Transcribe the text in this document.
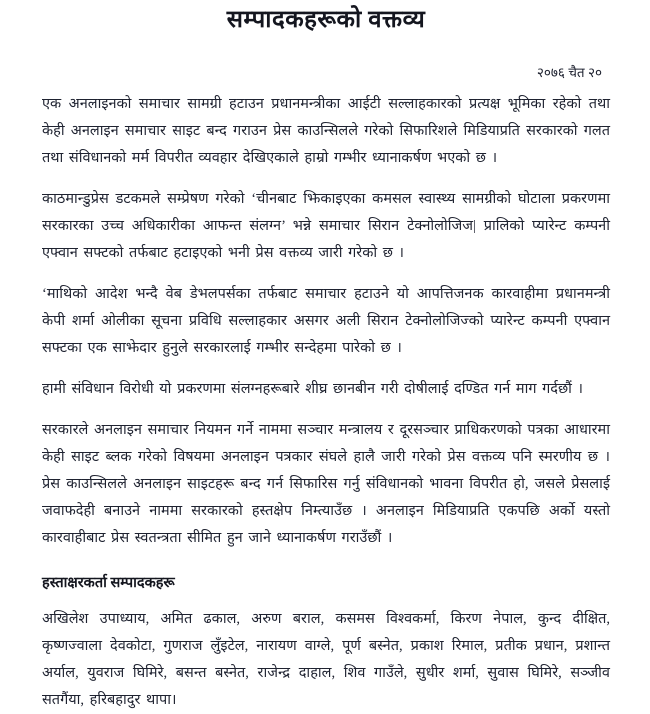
सम्पादकहरूको वक्तव्य
२०७६ चैत २०

एक अनलाइनको समाचार सामग्री हटाउन प्रधानमन्त्रीका आईटी सल्लाहकारको प्रत्यक्ष भूमिका रहेको तथा केही अनलाइन समाचार साइट बन्द गराउन प्रेस काउन्सिलले गरेको सिफारिशले मिडियाप्रति सरकारको गलत तथा संविधानको मर्म विपरीत व्यवहार देखिएकाले हाम्रो गम्भीर ध्यानाकर्षण भएको छ ।

काठमान्डुप्रेस डटकमले सम्प्रेषण गरेको ‘चीनबाट झिकाइएका कमसल स्वास्थ्य सामग्रीको घोटाला प्रकरणमा सरकारका उच्च अधिकारीका आफन्त संलग्न’ भन्ने समाचार सिरान टेक्नोलोजिज| प्रालिको प्यारेन्ट कम्पनी एफ्वान सफ्टको तर्फबाट हटाइएको भनी प्रेस वक्तव्य जारी गरेको छ ।

‘माथिको आदेश भन्दै वेब डेभलपर्सका तर्फबाट समाचार हटाउने यो आपत्तिजनक कारवाहीमा प्रधानमन्त्री केपी शर्मा ओलीका सूचना प्रविधि सल्लाहकार असगर अली सिरान टेक्नोलोजिज्को प्यारेन्ट कम्पनी एफ्वान सफ्टका एक साझेदार हुनुले सरकारलाई गम्भीर सन्देहमा पारेको छ ।

हामी संविधान विरोधी यो प्रकरणमा संलग्नहरूबारे शीघ्र छानबीन गरी दोषीलाई दण्डित गर्न माग गर्दछौं ।

सरकारले अनलाइन समाचार नियमन गर्ने नाममा सञ्चार मन्त्रालय र दूरसञ्चार प्राधिकरणको पत्रका आधारमा केही साइट ब्लक गरेको विषयमा अनलाइन पत्रकार संघले हालै जारी गरेको प्रेस वक्तव्य पनि स्मरणीय छ । प्रेस काउन्सिलले अनलाइन साइटहरू बन्द गर्न सिफारिस गर्नु संविधानको भावना विपरीत हो, जसले प्रेसलाई जवाफदेही बनाउने नाममा सरकारको हस्तक्षेप निम्त्याउँछ । अनलाइन मिडियाप्रति एकपछि अर्को यस्तो कारवाहीबाट प्रेस स्वतन्त्रता सीमित हुन जाने ध्यानाकर्षण गराउँछौं ।

हस्ताक्षरकर्ता सम्पादकहरू

अखिलेश उपाध्याय, अमित ढकाल, अरुण बराल, कसमस विश्वकर्मा, किरण नेपाल, कुन्द दीक्षित, कृष्णज्वाला देवकोटा, गुणराज लुँइटेल, नारायण वाग्ले, पूर्ण बस्नेत, प्रकाश रिमाल, प्रतीक प्रधान, प्रशान्त अर्याल, युवराज घिमिरे, बसन्त बस्नेत, राजेन्द्र दाहाल, शिव गाउँले, सुधीर शर्मा, सुवास घिमिरे, सञ्जीव सतगैंया, हरिबहादुर थापा।
